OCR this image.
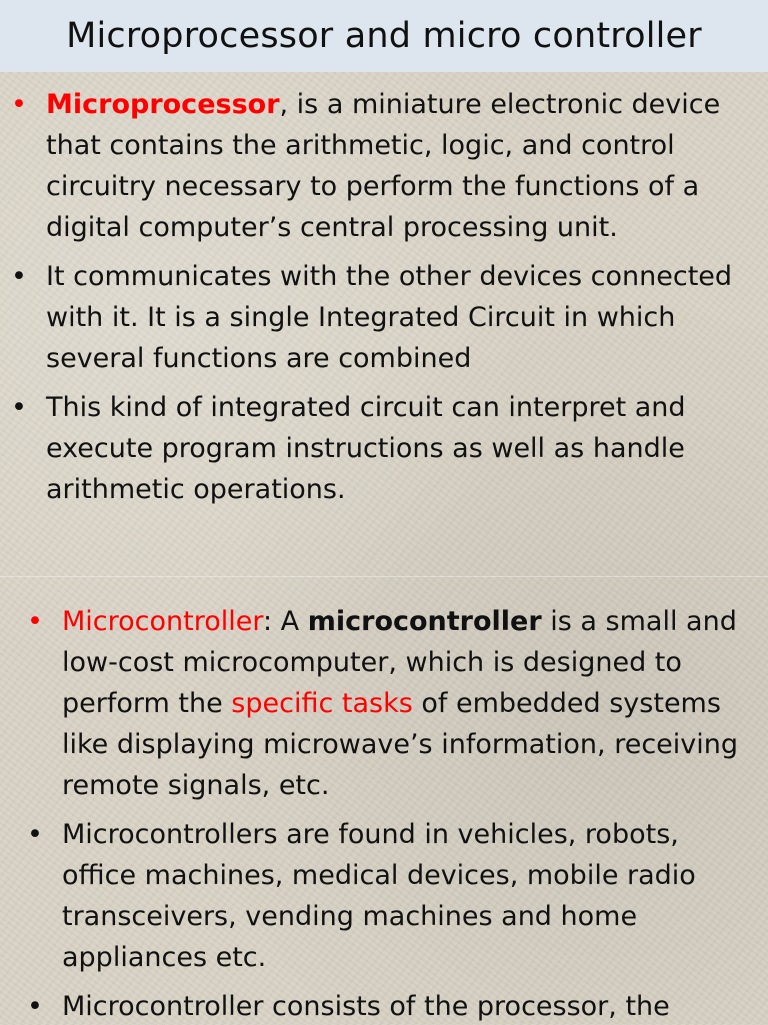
Microprocessor and micro controller
• Microprocessor, is a miniature electronic device that contains the arithmetic, logic, and control circuitry necessary to perform the functions of a digital computer’s central processing unit.
• It communicates with the other devices connected with it. It is a single Integrated Circuit in which several functions are combined
• This kind of integrated circuit can interpret and execute program instructions as well as handle arithmetic operations.
• Microcontroller: A microcontroller is a small and low-cost microcomputer, which is designed to perform the specific tasks of embedded systems like displaying microwave’s information, receiving remote signals, etc.
• Microcontrollers are found in vehicles, robots, office machines, medical devices, mobile radio transceivers, vending machines and home appliances etc.
• Microcontroller consists of the processor, the
